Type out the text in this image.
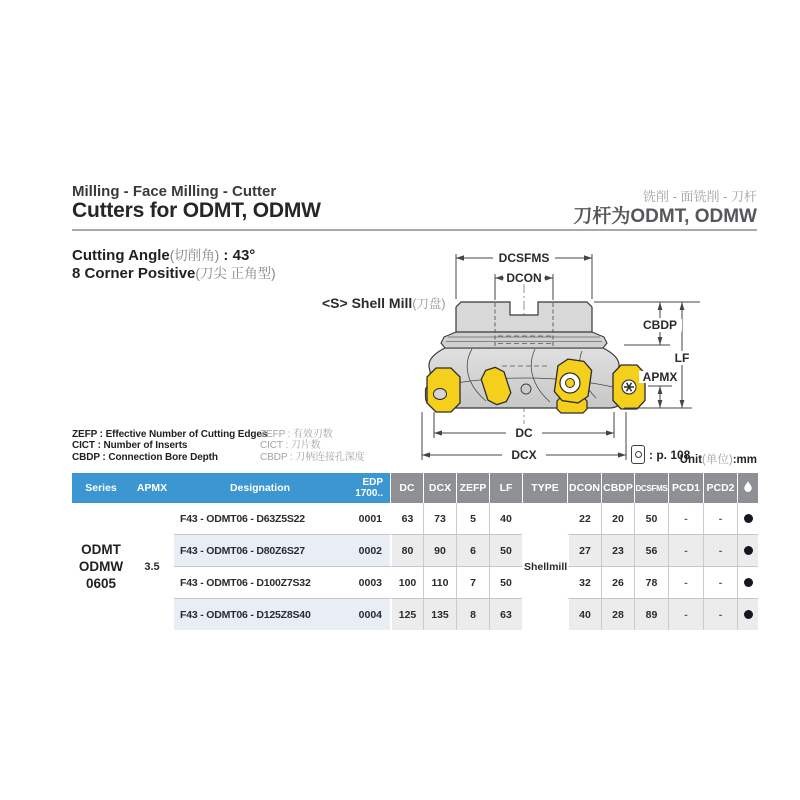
Milling - Face Milling - Cutter
Cutters for ODMT, ODMW
铣削 - 面铣削 - 刀杆
刀杆为ODMT, ODMW
Cutting Angle(切削角) : 43°
8 Corner Positive(刀尖 正角型)
<S> Shell Mill(刀盘)
DCSFMS
DCON
CBDP
LF
APMX
DC
DCX	: p. 108
Unit(单位):mm
ZEFP : Effective Number of Cutting EdgesZEFP : 有效刃数
CICT : Number of Inserts	CICT : 刀片数
CBDP : Connection Bore Depth	CBDP : 刀柄连接孔深度
Series	APMX	Designation	EDP
1700..	DC	DCX	ZEFP	LF	TYPE	DCON	CBDP	DCSFMS	PCD1	PCD2	

ODMT
ODMW
0605	3.5	F43 - ODMT06 - D63Z5S22	0001	63	73	5	40	Shellmill	22	20	50	-	-	
		F43 - ODMT06 - D80Z6S27	0002	80	90	6	50		27	23	56	-	-	
		F43 - ODMT06 - D100Z7S32	0003	100	110	7	50		32	26	78	-	-	
		F43 - ODMT06 - D125Z8S40	0004	125	135	8	63		40	28	89	-	-	
